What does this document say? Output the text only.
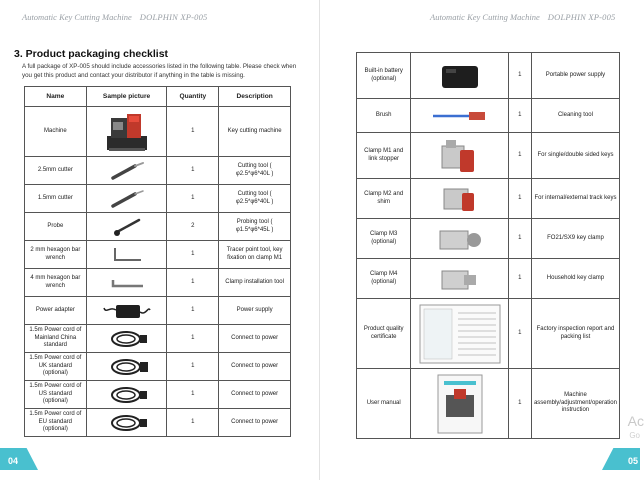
Automatic Key Cutting Machine DOLPHIN XP-005
3. Product packaging checklist
A full package of XP-005 should include accessories listed in the following table. Please check when you get this product and contact your distributor if anything in the table is missing.
Name	Sample picture	Quantity	Description
Machine		1	Key cutting machine
2.5mm cutter		1	Cutting tool ( φ2.5*φ6*40L )
1.5mm cutter		1	Cutting tool ( φ2.5*φ6*40L )
Probe		2	Probing tool ( φ1.5*φ6*45L )
2 mm hexagon bar wrench		1	Tracer point tool, key fixation on clamp M1
4 mm hexagon bar wrench		1	Clamp installation tool
Power adapter		1	Power supply
1.5m Power cord of Mainland China standard		1	Connect to power
1.5m Power cord of UK standard (optional)		1	Connect to power
1.5m Power cord of US standard (optional)		1	Connect to power
1.5m Power cord of EU standard (optional)		1	Connect to power
04
Automatic Key Cutting Machine DOLPHIN XP-005
Built-in battery (optional)		1	Portable power supply
Brush		1	Cleaning tool
Clamp M1 and link stopper		1	For single/double sided keys
Clamp M2 and shim		1	For internal/external track keys
Clamp M3 (optional)		1	FO21/SX9 key clamp
Clamp M4 (optional)		1	Household key clamp
Product quality certificate		1	Factory inspection report and packing list
User manual		1	Machine assembly/adjustment/operation instruction
Ac
Go
05
